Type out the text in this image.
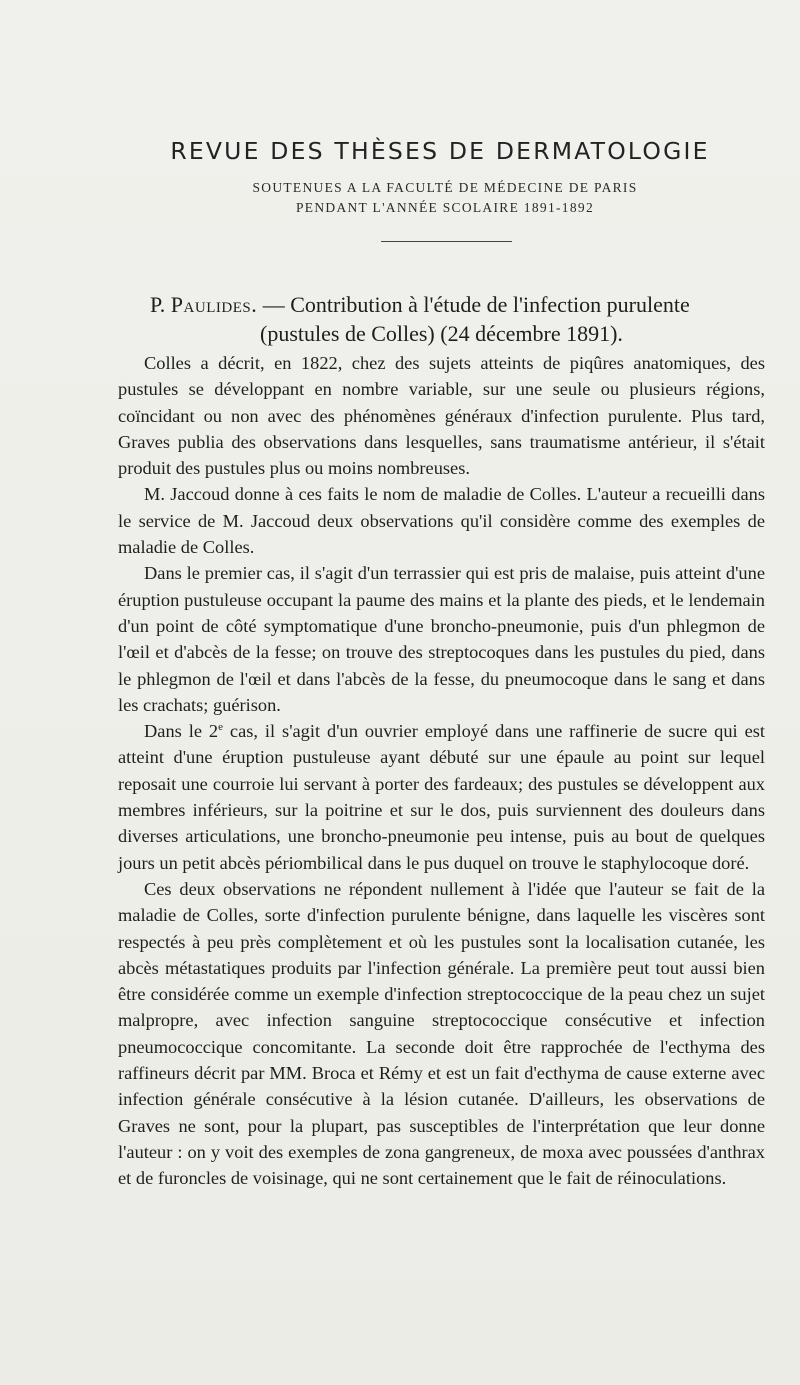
REVUE DES THÈSES DE DERMATOLOGIE
SOUTENUES A LA FACULTÉ DE MÉDECINE DE PARIS
PENDANT L'ANNÉE SCOLAIRE 1891-1892
P. Paulides. — Contribution à l'étude de l'infection purulente
(pustules de Colles) (24 décembre 1891).

Colles a décrit, en 1822, chez des sujets atteints de piqûres anatomiques, des pustules se développant en nombre variable, sur une seule ou plusieurs régions, coïncidant ou non avec des phénomènes généraux d'infection purulente. Plus tard, Graves publia des observations dans lesquelles, sans traumatisme antérieur, il s'était produit des pustules plus ou moins nombreuses.

M. Jaccoud donne à ces faits le nom de maladie de Colles. L'auteur a recueilli dans le service de M. Jaccoud deux observations qu'il considère comme des exemples de maladie de Colles.

Dans le premier cas, il s'agit d'un terrassier qui est pris de malaise, puis atteint d'une éruption pustuleuse occupant la paume des mains et la plante des pieds, et le lendemain d'un point de côté symptomatique d'une broncho-pneumonie, puis d'un phlegmon de l'œil et d'abcès de la fesse; on trouve des streptocoques dans les pustules du pied, dans le phlegmon de l'œil et dans l'abcès de la fesse, du pneumocoque dans le sang et dans les crachats; guérison.

Dans le 2e cas, il s'agit d'un ouvrier employé dans une raffinerie de sucre qui est atteint d'une éruption pustuleuse ayant débuté sur une épaule au point sur lequel reposait une courroie lui servant à porter des fardeaux; des pustules se développent aux membres inférieurs, sur la poitrine et sur le dos, puis surviennent des douleurs dans diverses articulations, une broncho-pneumonie peu intense, puis au bout de quelques jours un petit abcès périombilical dans le pus duquel on trouve le staphylocoque doré.

Ces deux observations ne répondent nullement à l'idée que l'auteur se fait de la maladie de Colles, sorte d'infection purulente bénigne, dans laquelle les viscères sont respectés à peu près complètement et où les pustules sont la localisation cutanée, les abcès métastatiques produits par l'infection générale. La première peut tout aussi bien être considérée comme un exemple d'infection streptococcique de la peau chez un sujet malpropre, avec infection sanguine streptococcique consécutive et infection pneumococcique concomitante. La seconde doit être rapprochée de l'ecthyma des raffineurs décrit par MM. Broca et Rémy et est un fait d'ecthyma de cause externe avec infection générale consécutive à la lésion cutanée. D'ailleurs, les observations de Graves ne sont, pour la plupart, pas susceptibles de l'interprétation que leur donne l'auteur : on y voit des exemples de zona gangreneux, de moxa avec poussées d'anthrax et de furoncles de voisinage, qui ne sont certainement que le fait de réinoculations.
